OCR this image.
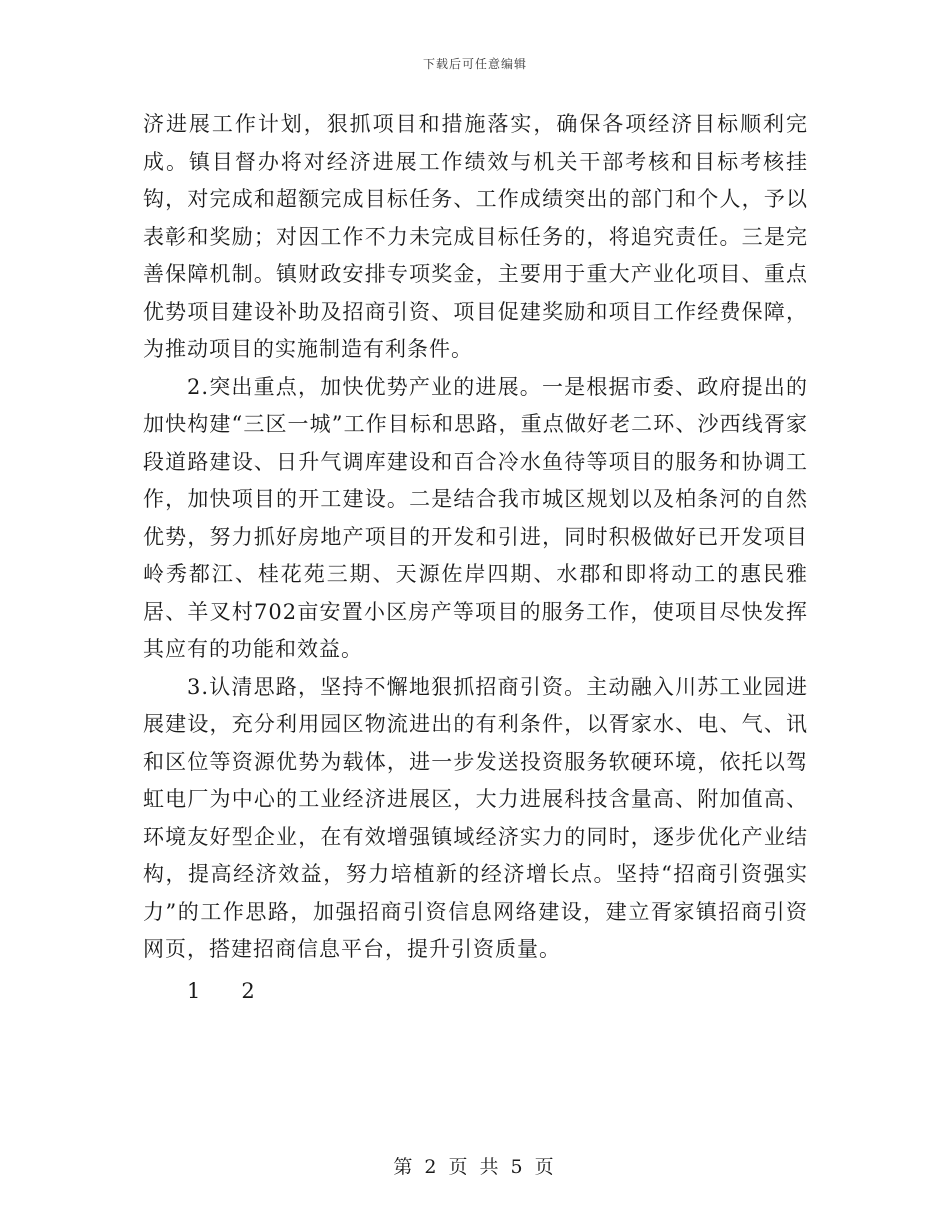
下载后可任意编辑

济进展工作计划，狠抓项目和措施落实，确保各项经济目标顺利完成。镇目督办将对经济进展工作绩效与机关干部考核和目标考核挂钩，对完成和超额完成目标任务、工作成绩突出的部门和个人，予以表彰和奖励；对因工作不力未完成目标任务的，将追究责任。三是完善保障机制。镇财政安排专项奖金，主要用于重大产业化项目、重点优势项目建设补助及招商引资、项目促建奖励和项目工作经费保障，为推动项目的实施制造有利条件。

2.突出重点，加快优势产业的进展。一是根据市委、政府提出的加快构建“三区一城”工作目标和思路，重点做好老二环、沙西线胥家段道路建设、日升气调库建设和百合冷水鱼待等项目的服务和协调工作，加快项目的开工建设。二是结合我市城区规划以及柏条河的自然优势，努力抓好房地产项目的开发和引进，同时积极做好已开发项目岭秀都江、桂花苑三期、天源佐岸四期、水郡和即将动工的惠民雅居、羊叉村702亩安置小区房产等项目的服务工作，使项目尽快发挥其应有的功能和效益。

3.认清思路，坚持不懈地狠抓招商引资。主动融入川苏工业园进展建设，充分利用园区物流进出的有利条件，以胥家水、电、气、讯和区位等资源优势为载体，进一步发送投资服务软硬环境，依托以驾虹电厂为中心的工业经济进展区，大力进展科技含量高、附加值高、环境友好型企业，在有效增强镇域经济实力的同时，逐步优化产业结构，提高经济效益，努力培植新的经济增长点。坚持“招商引资强实力”的工作思路，加强招商引资信息网络建设，建立胥家镇招商引资网页，搭建招商信息平台，提升引资质量。

1 2
第 2 页 共 5 页
